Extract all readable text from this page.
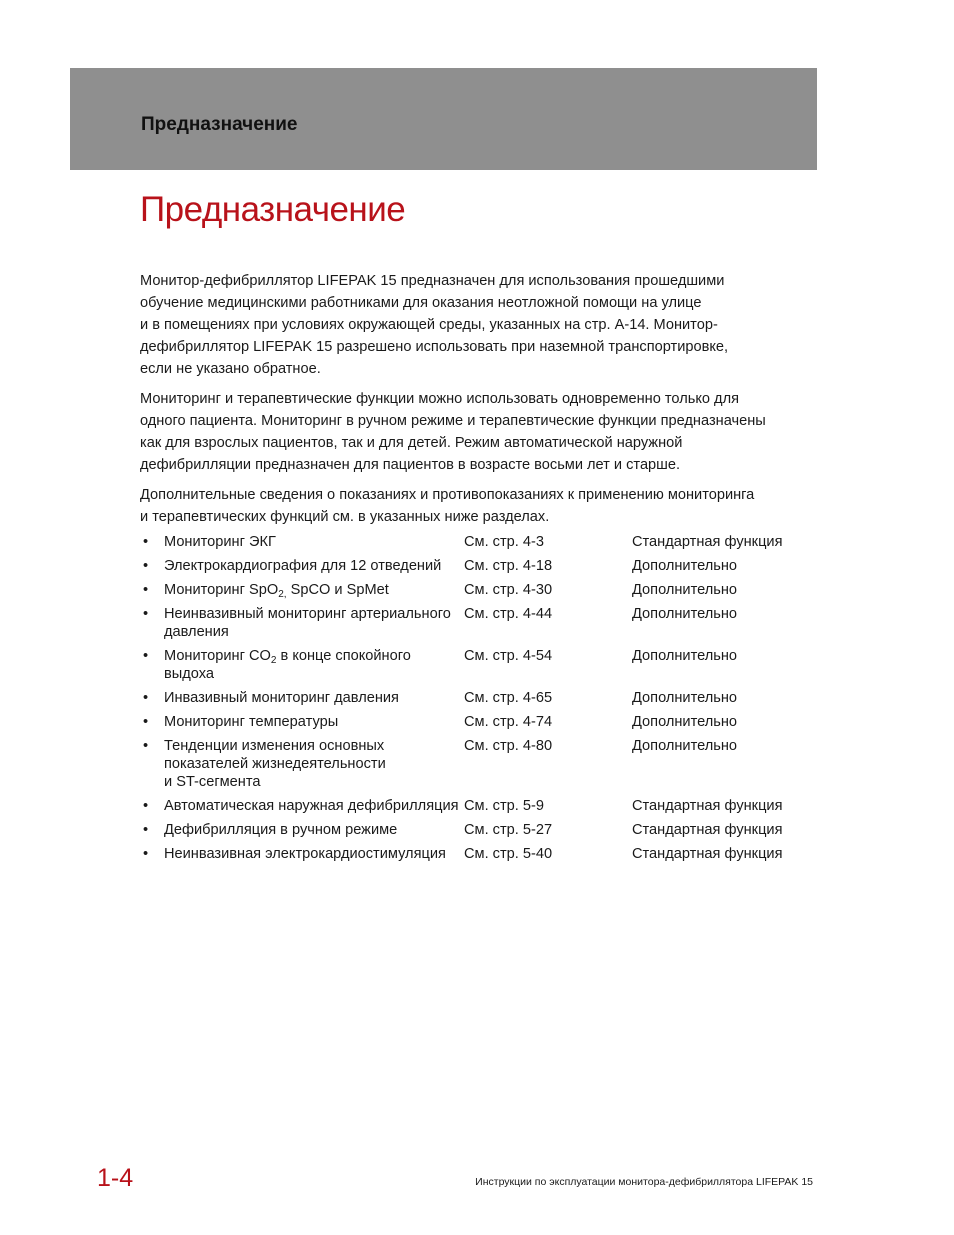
Предназначение
Предназначение

Монитор-дефибриллятор LIFEPAK 15 предназначен для использования прошедшими
обучение медицинскими работниками для оказания неотложной помощи на улице
и в помещениях при условиях окружающей среды, указанных на стр. A-14. Монитор-
дефибриллятор LIFEPAK 15 разрешено использовать при наземной транспортировке,
если не указано обратное.

Мониторинг и терапевтические функции можно использовать одновременно только для
одного пациента. Мониторинг в ручном режиме и терапевтические функции предназначены
как для взрослых пациентов, так и для детей. Режим автоматической наружной
дефибрилляции предназначен для пациентов в возрасте восьми лет и старше.

Дополнительные сведения о показаниях и противопоказаниях к применению мониторинга
и терапевтических функций см. в указанных ниже разделах.

•	Мониторинг ЭКГ	См. стр. 4-3	Стандартная функция
•	Электрокардиография для 12 отведений	См. стр. 4-18	Дополнительно
•	Мониторинг SpO$_{2,}$ SpCO и SpMet	См. стр. 4-30	Дополнительно
•	Неинвазивный мониторинг артериального
давления
См. стр. 4-44	Дополнительно
•	Мониторинг $CO_2$ в конце спокойного
выдоха
См. стр. 4-54	Дополнительно
•	Инвазивный мониторинг давления	См. стр. 4-65	Дополнительно
•	Мониторинг температуры	См. стр. 4-74	Дополнительно
•	Тенденции изменения основных
показателей жизнедеятельности
и ST-сегмента
См. стр. 4-80	Дополнительно
•	Автоматическая наружная дефибрилляция См. стр. 5-9	Стандартная функция
•	Дефибрилляция в ручном режиме	См. стр. 5-27	Стандартная функция
•	Неинвазивная электрокардиостимуляция	См. стр. 5-40	Стандартная функция
1-4	Инструкции по эксплуатации монитора-дефибриллятора LIFEPAK 15
